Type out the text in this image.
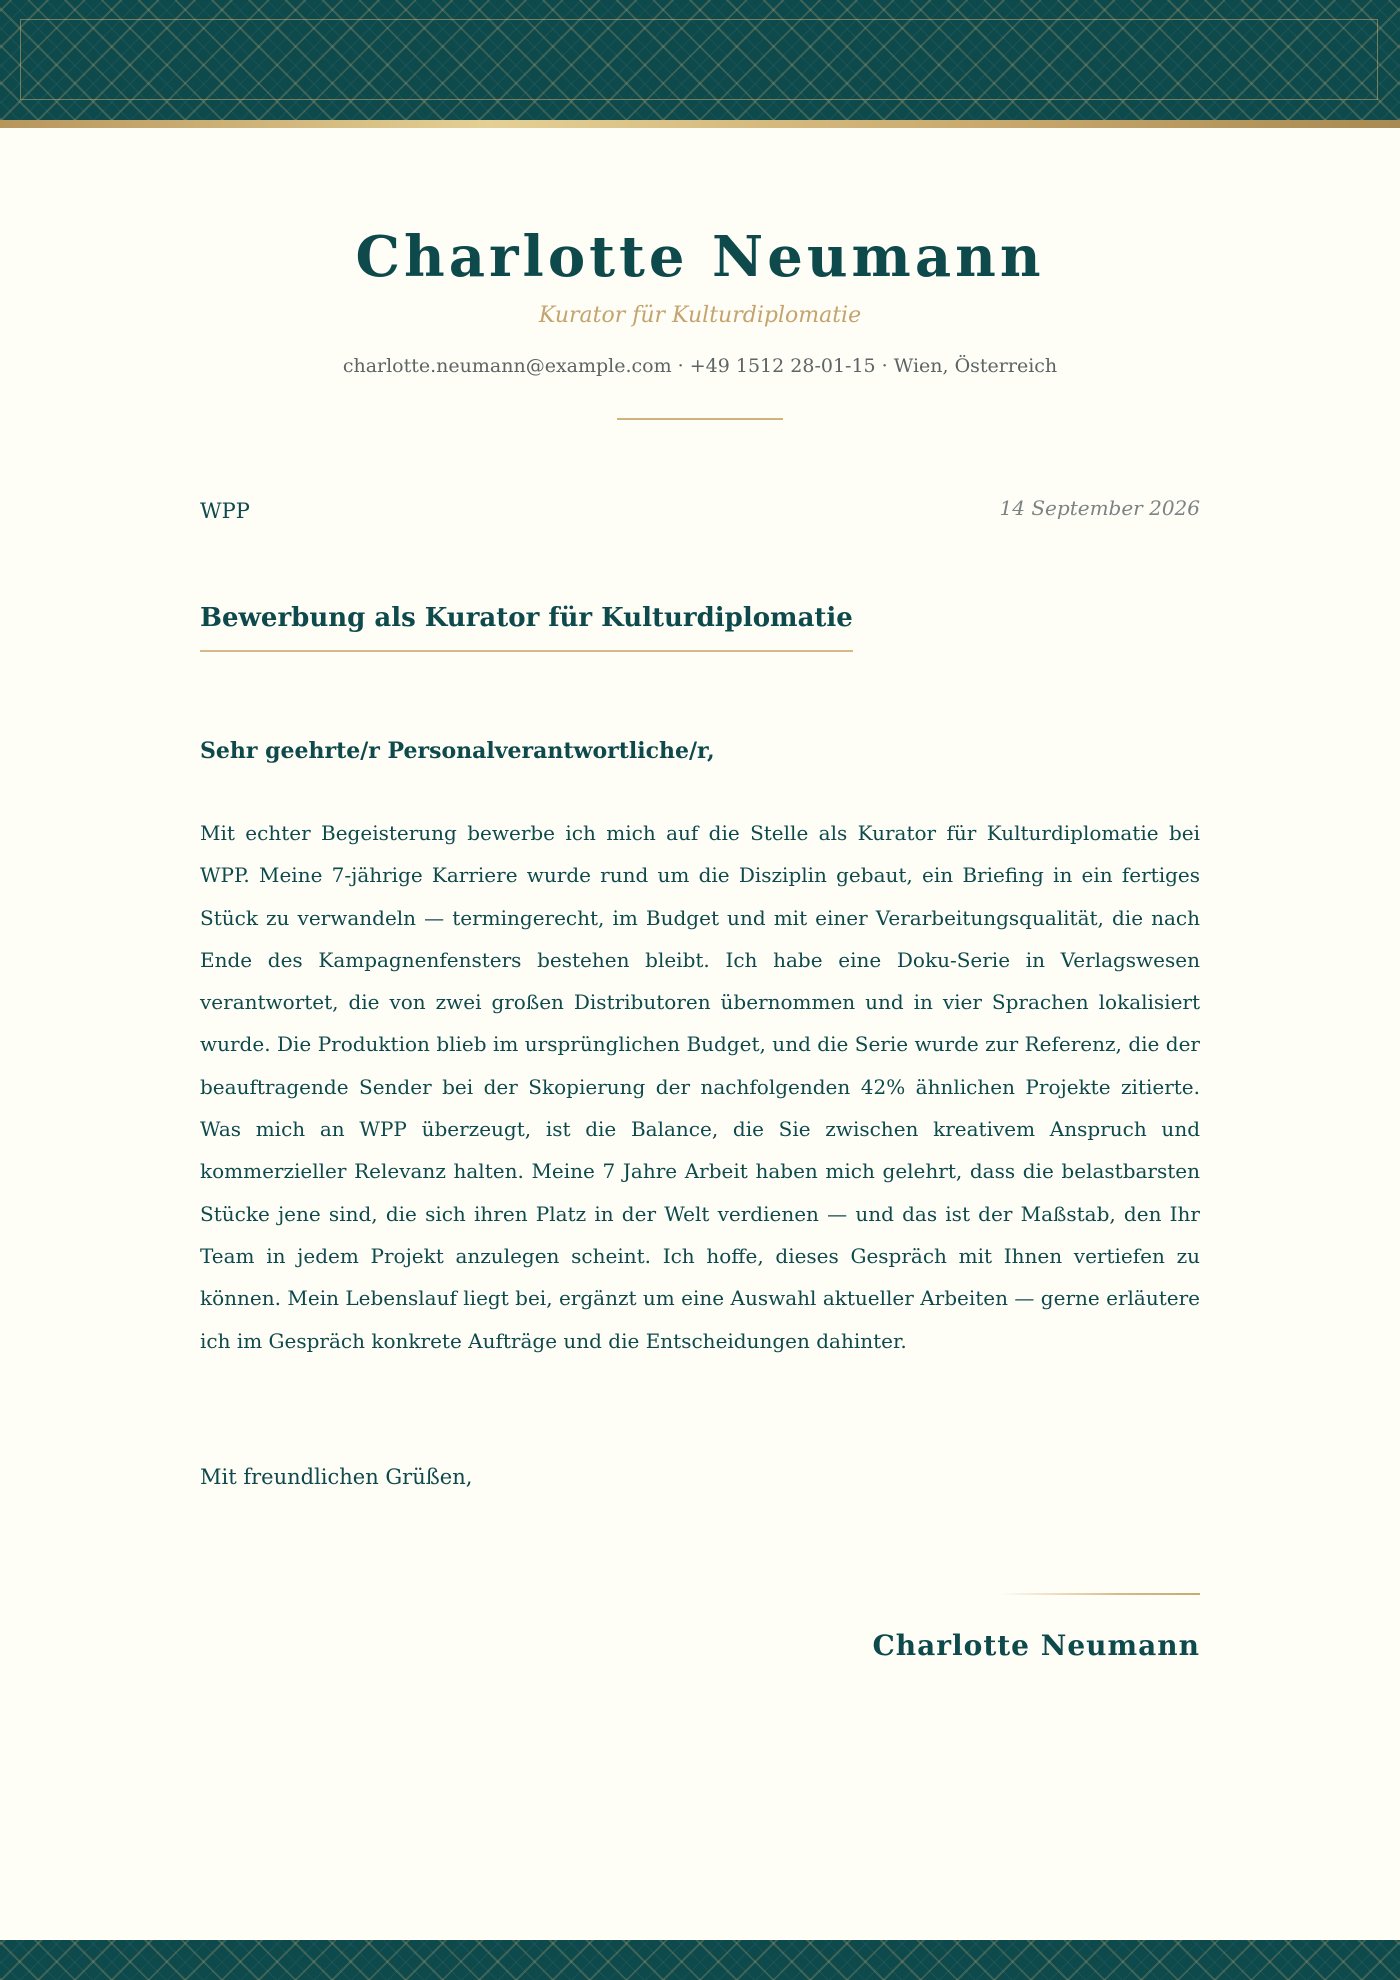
Charlotte Neumann
Kurator für Kulturdiplomatie
charlotte.neumann@example.com · +49 1512 28-01-15 · Wien, Österreich
WPP	14 September 2026
Bewerbung als Kurator für Kulturdiplomatie
Sehr geehrte/r Personalverantwortliche/r,

Mit echter Begeisterung bewerbe ich mich auf die Stelle als Kurator für Kulturdiplomatie bei WPP. Meine 7-jährige Karriere wurde rund um die Disziplin gebaut, ein Briefing in ein fertiges Stück zu verwandeln — termingerecht, im Budget und mit einer Verarbeitungsqualität, die nach Ende des Kampagnenfensters bestehen bleibt. Ich habe eine Doku-Serie in Verlagswesen verantwortet, die von zwei großen Distributoren übernommen und in vier Sprachen lokalisiert wurde. Die Produktion blieb im ursprünglichen Budget, und die Serie wurde zur Referenz, die der beauftragende Sender bei der Skopierung der nachfolgenden 42% ähnlichen Projekte zitierte. Was mich an WPP überzeugt, ist die Balance, die Sie zwischen kreativem Anspruch und kommerzieller Relevanz halten. Meine 7 Jahre Arbeit haben mich gelehrt, dass die belastbarsten Stücke jene sind, die sich ihren Platz in der Welt verdienen — und das ist der Maßstab, den Ihr Team in jedem Projekt anzulegen scheint. Ich hoffe, dieses Gespräch mit Ihnen vertiefen zu können. Mein Lebenslauf liegt bei, ergänzt um eine Auswahl aktueller Arbeiten — gerne erläutere ich im Gespräch konkrete Aufträge und die Entscheidungen dahinter.

Mit freundlichen Grüßen,
Charlotte Neumann
